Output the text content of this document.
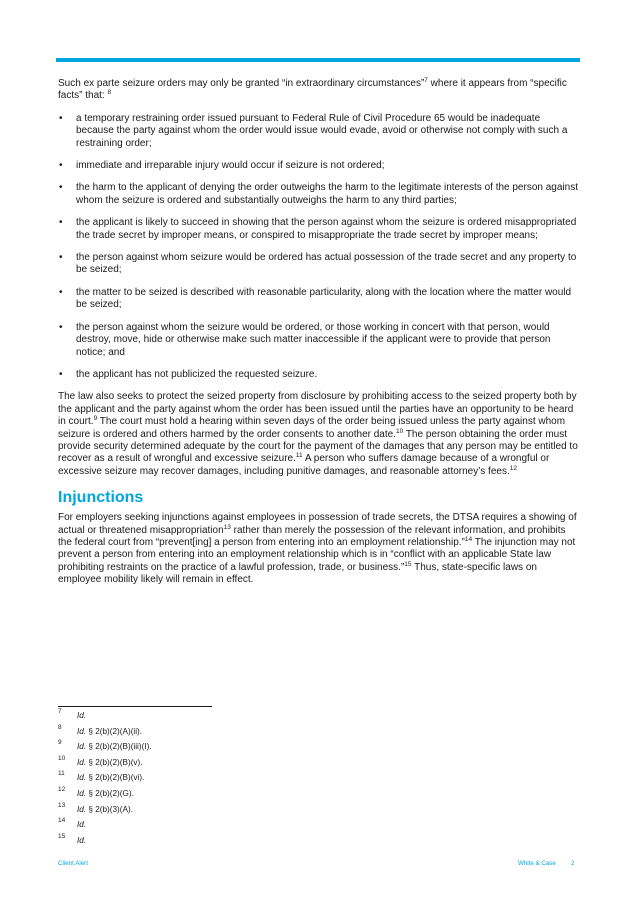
Such ex parte seizure orders may only be granted “in extraordinary circumstances”$^7$ where it appears from “specific facts” that: $^8$

• a temporary restraining order issued pursuant to Federal Rule of Civil Procedure 65 would be inadequate because the party against whom the order would issue would evade, avoid or otherwise not comply with such a restraining order;
• immediate and irreparable injury would occur if seizure is not ordered;
• the harm to the applicant of denying the order outweighs the harm to the legitimate interests of the person against whom the seizure is ordered and substantially outweighs the harm to any third parties;
• the applicant is likely to succeed in showing that the person against whom the seizure is ordered misappropriated the trade secret by improper means, or conspired to misappropriate the trade secret by improper means;
• the person against whom seizure would be ordered has actual possession of the trade secret and any property to be seized;
• the matter to be seized is described with reasonable particularity, along with the location where the matter would be seized;
• the person against whom the seizure would be ordered, or those working in concert with that person, would destroy, move, hide or otherwise make such matter inaccessible if the applicant were to provide that person notice; and
• the applicant has not publicized the requested seizure.

The law also seeks to protect the seized property from disclosure by prohibiting access to the seized property both by the applicant and the party against whom the order has been issued until the parties have an opportunity to be heard in court.$^9$ The court must hold a hearing within seven days of the order being issued unless the party against whom seizure is ordered and others harmed by the order consents to another date.$^{10}$ The person obtaining the order must provide security determined adequate by the court for the payment of the damages that any person may be entitled to recover as a result of wrongful and excessive seizure.$^{11}$ A person who suffers damage because of a wrongful or excessive seizure may recover damages, including punitive damages, and reasonable attorney’s fees.$^{12}$

Injunctions

For employers seeking injunctions against employees in possession of trade secrets, the DTSA requires a showing of actual or threatened misappropriation$^{13}$ rather than merely the possession of the relevant information, and prohibits the federal court from “prevent[ing] a person from entering into an employment relationship.”$^{14}$ The injunction may not prevent a person from entering into an employment relationship which is in “conflict with an applicable State law prohibiting restraints on the practice of a lawful profession, trade, or business.”$^{15}$ Thus, state-specific laws on employee mobility likely will remain in effect.

7 Id.
8 Id. § 2(b)(2)(A)(ii).
9 Id. § 2(b)(2)(B)(iii)(I).
10 Id. § 2(b)(2)(B)(v).
11 Id. § 2(b)(2)(B)(vi).
12 Id. § 2(b)(2)(G).
13 Id. § 2(b)(3)(A).
14 Id.
15 Id.
Client Alert	White & Case 2
